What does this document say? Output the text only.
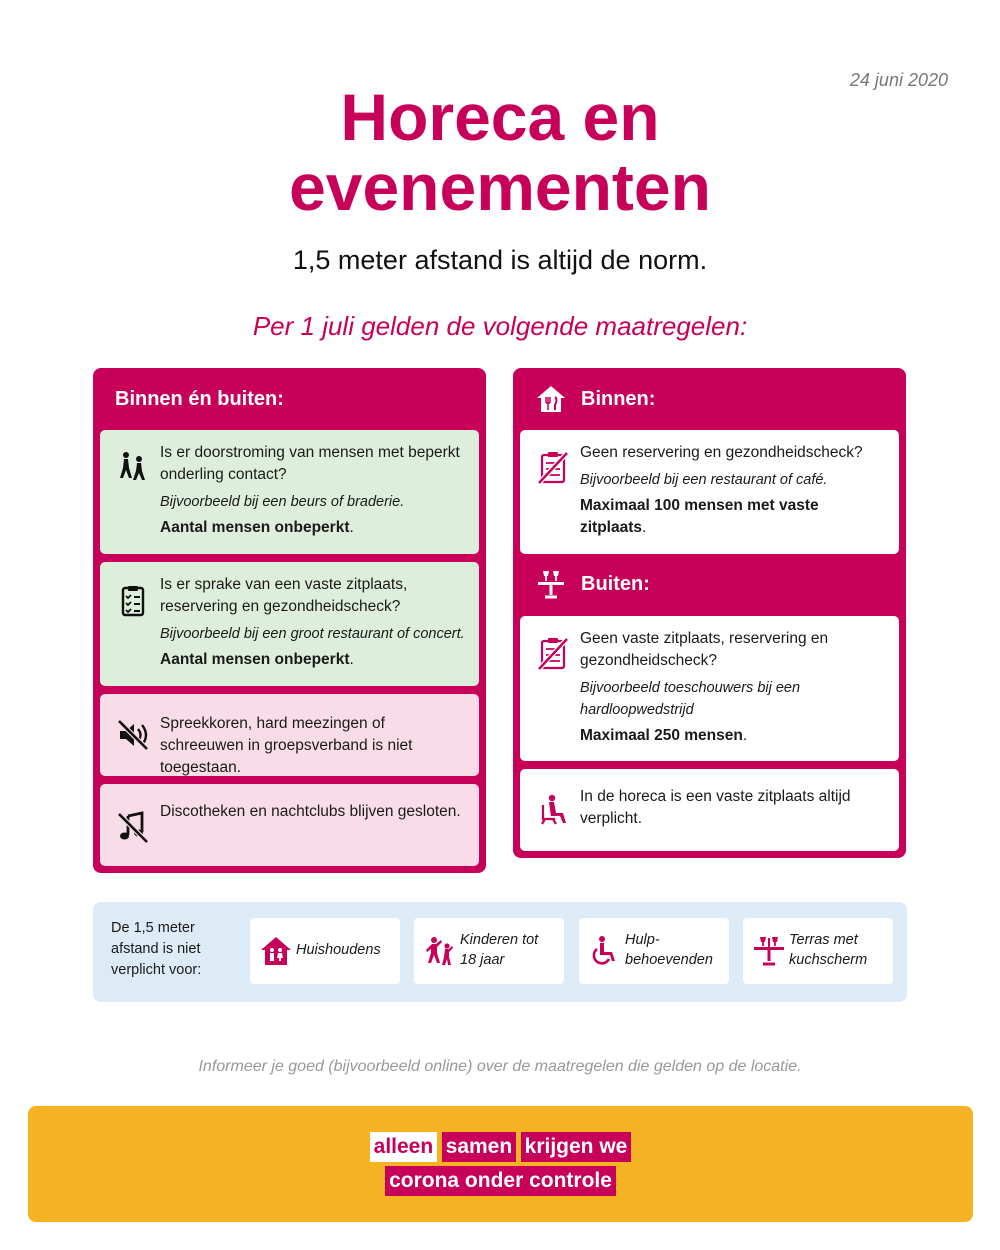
24 juni 2020
Horeca en
evenementen
1,5 meter afstand is altijd de norm.
Per 1 juli gelden de volgende maatregelen:
Binnen én buiten:
Is er doorstroming van mensen met beperkt onderling contact?
Bijvoorbeeld bij een beurs of braderie.
Aantal mensen onbeperkt.
Is er sprake van een vaste zitplaats, reservering en gezondheidscheck?
Bijvoorbeeld bij een groot restaurant of concert.
Aantal mensen onbeperkt.
Spreekkoren, hard meezingen of schreeuwen in groepsverband is niet toegestaan.
Discotheken en nachtclubs blijven gesloten.
Binnen:
Geen reservering en gezondheidscheck?
Bijvoorbeeld bij een restaurant of café.
Maximaal 100 mensen met vaste zitplaats.
Buiten:
Geen vaste zitplaats, reservering en gezondheidscheck?
Bijvoorbeeld toeschouwers bij een hardloopwedstrijd
Maximaal 250 mensen.
In de horeca is een vaste zitplaats altijd verplicht.
De 1,5 meter afstand is niet verplicht voor:
Huishoudens
Kinderen tot 18 jaar
Hulp-behoevenden
Terras met kuchscherm
Informeer je goed (bijvoorbeeld online) over de maatregelen die gelden op de locatie.
alleen samen krijgen we
corona onder controle
